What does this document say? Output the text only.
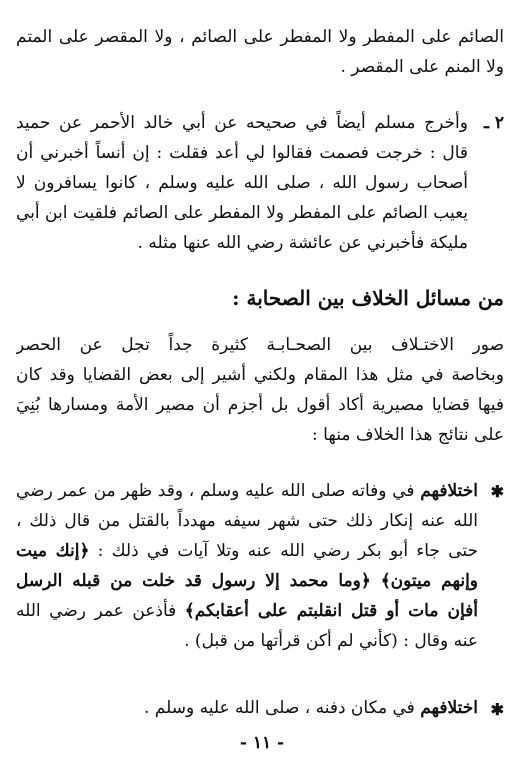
الصائم على المفطر ولا المفطر على الصائم ، ولا المقصر على المتم
ولا المنم على المقصر .
٢ ـ
وأخرج مسلم أيضاً في صحيحه عن أبي خالد الأحمر عن حميد
قال : خرجت فصمت فقالوا لي أعد فقلت : إن أنساً أخبرني أن
أصحاب رسول الله ، صلى الله عليه وسلم ، كانوا يسافرون لا
يعيب الصائم على المفطر ولا المفطر على الصائم فلقيت ابن أبي
مليكة فأخبرني عن عائشة رضي الله عنها مثله .
من مسائل الخلاف بين الصحابة :
صور الاختـلاف بين الصحـابـة كثيرة جداً تجل عن الحصر
وبخاصة في مثل هذا المقام ولكني أشير إلى بعض القضايا وقد كان
فيها قضايا مصيرية أكاد أقول بل أجزم أن مصير الأمة ومسارها بُنِيَ
على نتائج هذا الخلاف منها :
✱
اختلافهم في وفاته صلى الله عليه وسلم ، وقد ظهر من عمر رضي
الله عنه إنكار ذلك حتى شهر سيفه مهدداً بالقتل من قال ذلك ،
حتى جاء أبو بكر رضي الله عنه وتلا آيات في ذلك : ﴿إنك ميت
وإنهم ميتون﴾ ﴿وما محمد إلا رسول قد خلت من قبله الرسل
أفإن مات أو قتل انقلبتم على أعقابكم﴾ فأذعن عمر رضي الله
عنه وقال : (كأني لم أكن قرأتها من قبل) .
✱
اختلافهم في مكان دفنه ، صلى الله عليه وسلم .
- ١١ -
